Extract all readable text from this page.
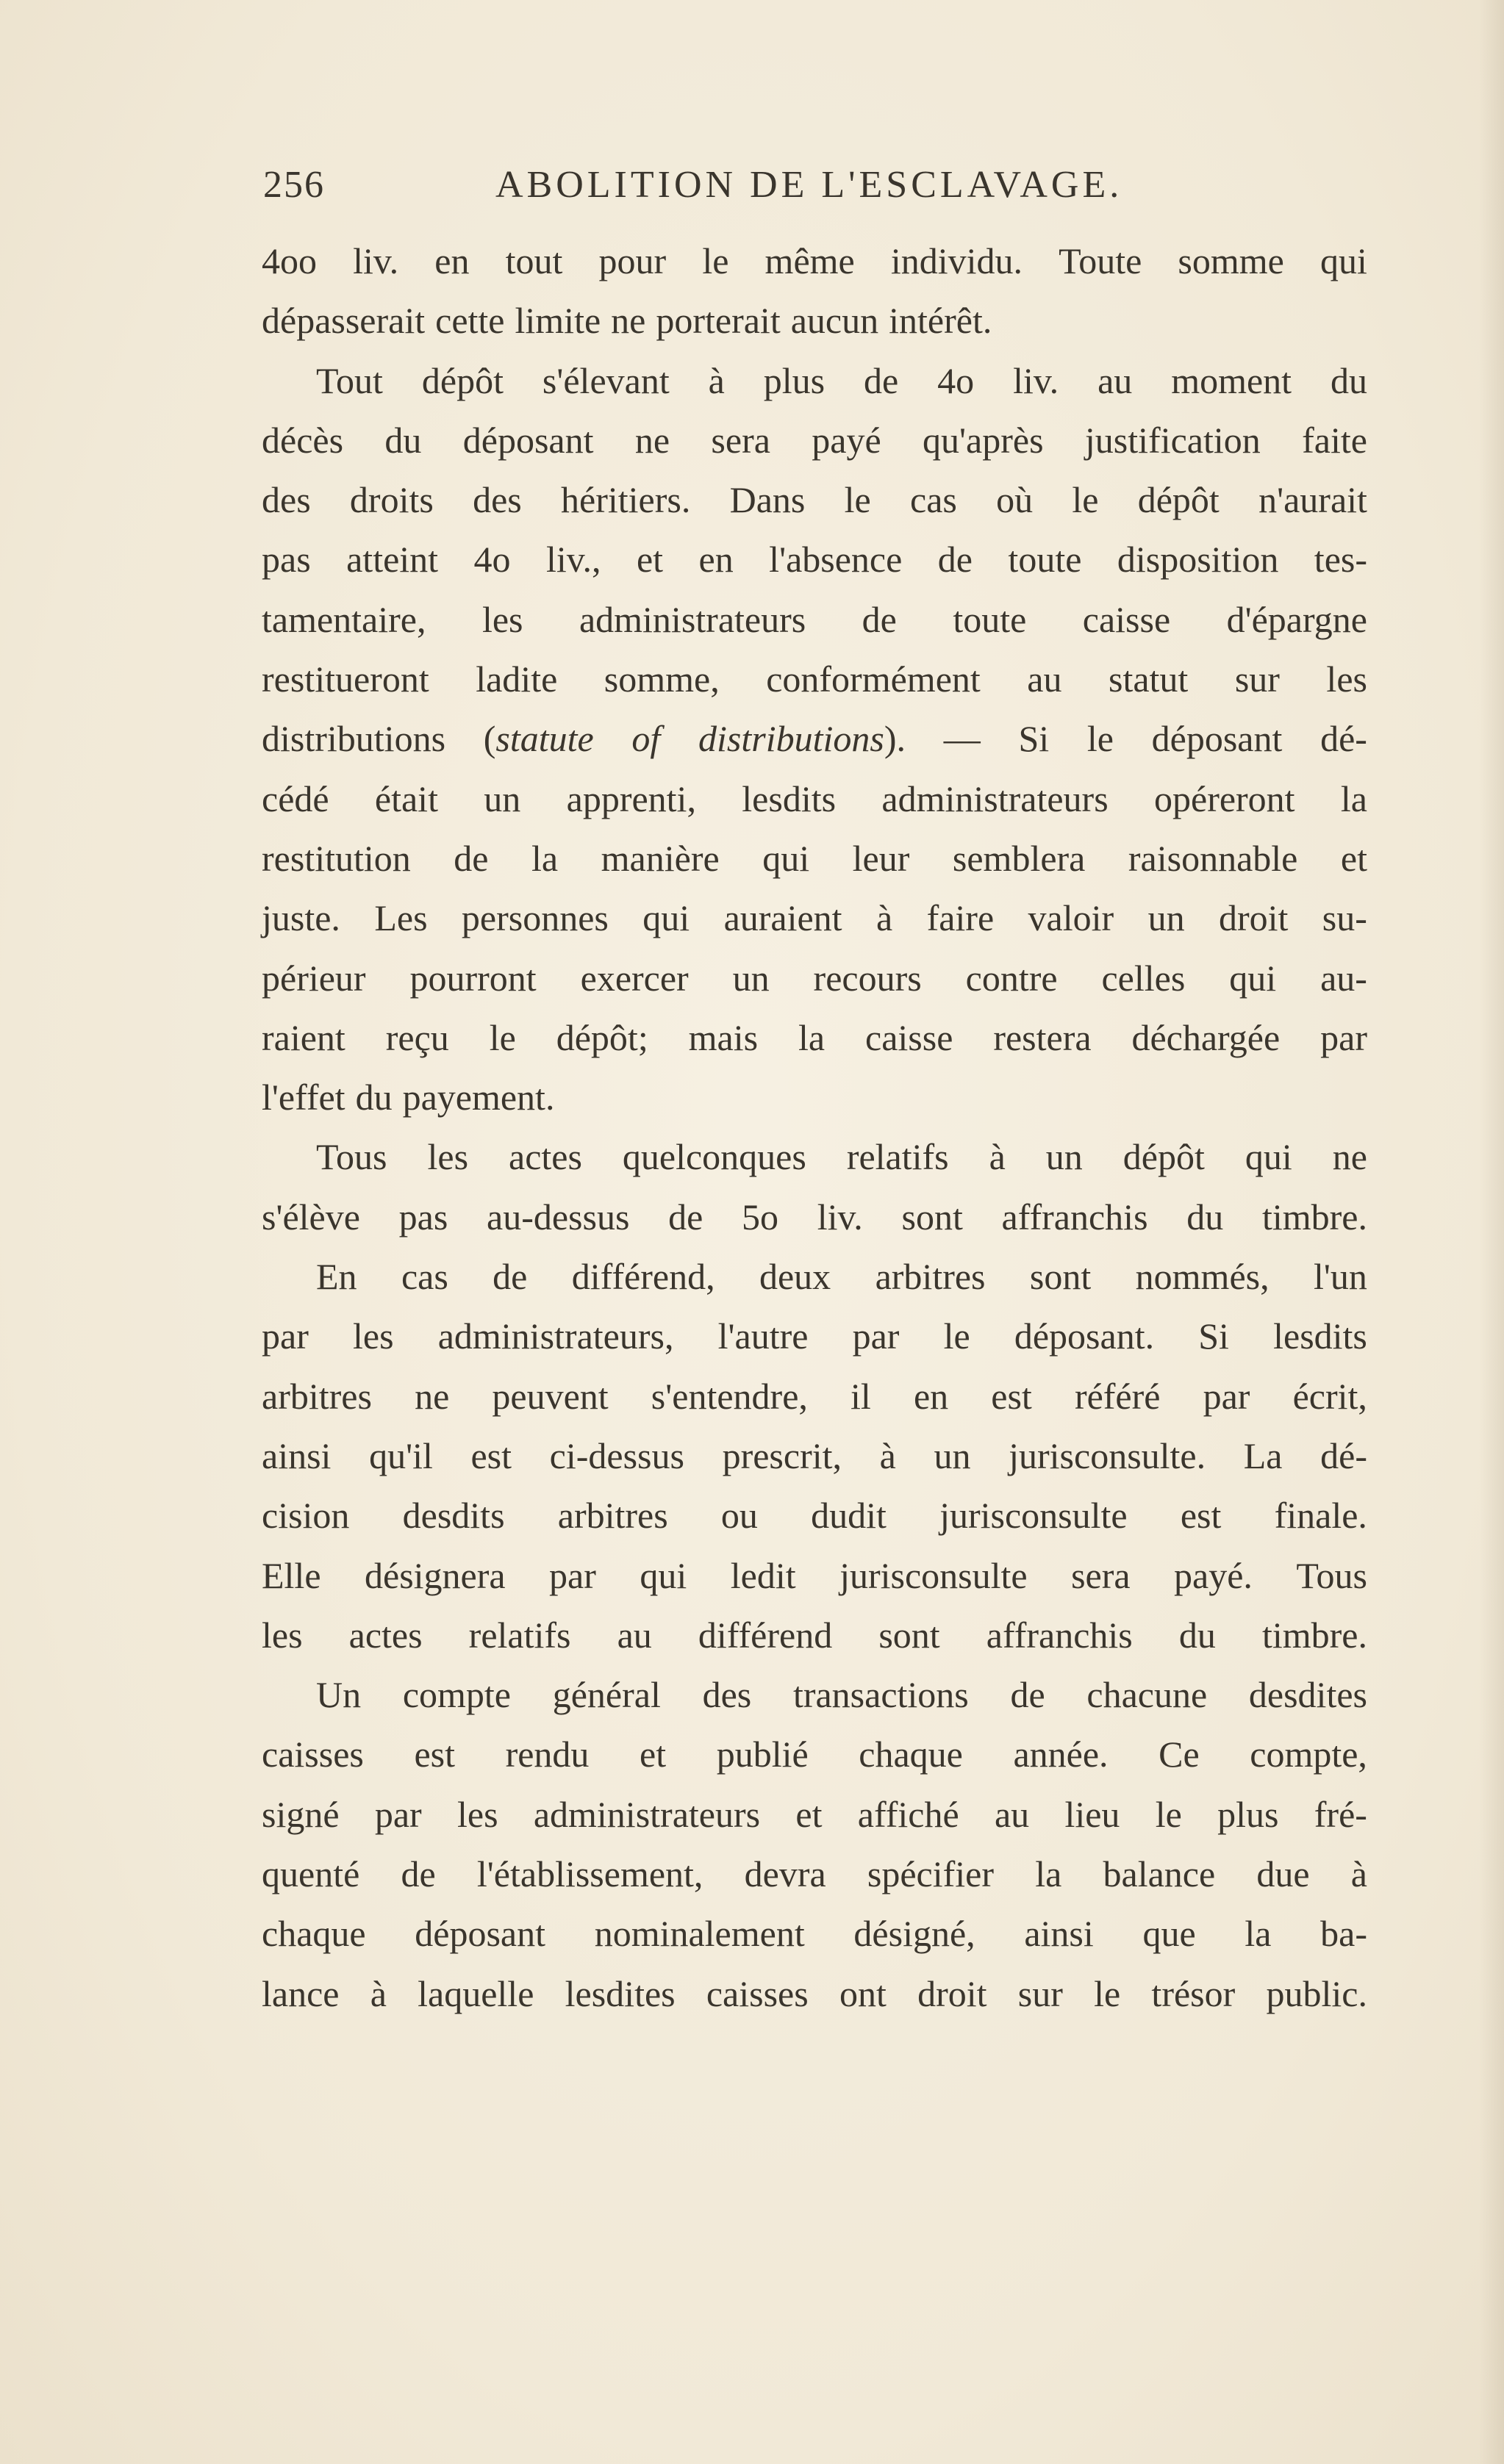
256	ABOLITION DE L'ESCLAVAGE.
4oo liv. en tout pour le même individu. Toute somme qui
dépasserait cette limite ne porterait aucun intérêt.
Tout dépôt s'élevant à plus de 4o liv. au moment du
décès du déposant ne sera payé qu'après justification faite
des droits des héritiers. Dans le cas où le dépôt n'aurait
pas atteint 4o liv., et en l'absence de toute disposition tes-
tamentaire, les administrateurs de toute caisse d'épargne
restitueront ladite somme, conformément au statut sur les
distributions (statute of distributions). — Si le déposant dé-
cédé était un apprenti, lesdits administrateurs opéreront la
restitution de la manière qui leur semblera raisonnable et
juste. Les personnes qui auraient à faire valoir un droit su-
périeur pourront exercer un recours contre celles qui au-
raient reçu le dépôt; mais la caisse restera déchargée par
l'effet du payement.
Tous les actes quelconques relatifs à un dépôt qui ne
s'élève pas au-dessus de 5o liv. sont affranchis du timbre.
En cas de différend, deux arbitres sont nommés, l'un
par les administrateurs, l'autre par le déposant. Si lesdits
arbitres ne peuvent s'entendre, il en est référé par écrit,
ainsi qu'il est ci-dessus prescrit, à un jurisconsulte. La dé-
cision desdits arbitres ou dudit jurisconsulte est finale.
Elle désignera par qui ledit jurisconsulte sera payé. Tous
les actes relatifs au différend sont affranchis du timbre.
Un compte général des transactions de chacune desdites
caisses est rendu et publié chaque année. Ce compte,
signé par les administrateurs et affiché au lieu le plus fré-
quenté de l'établissement, devra spécifier la balance due à
chaque déposant nominalement désigné, ainsi que la ba-
lance à laquelle lesdites caisses ont droit sur le trésor public.
